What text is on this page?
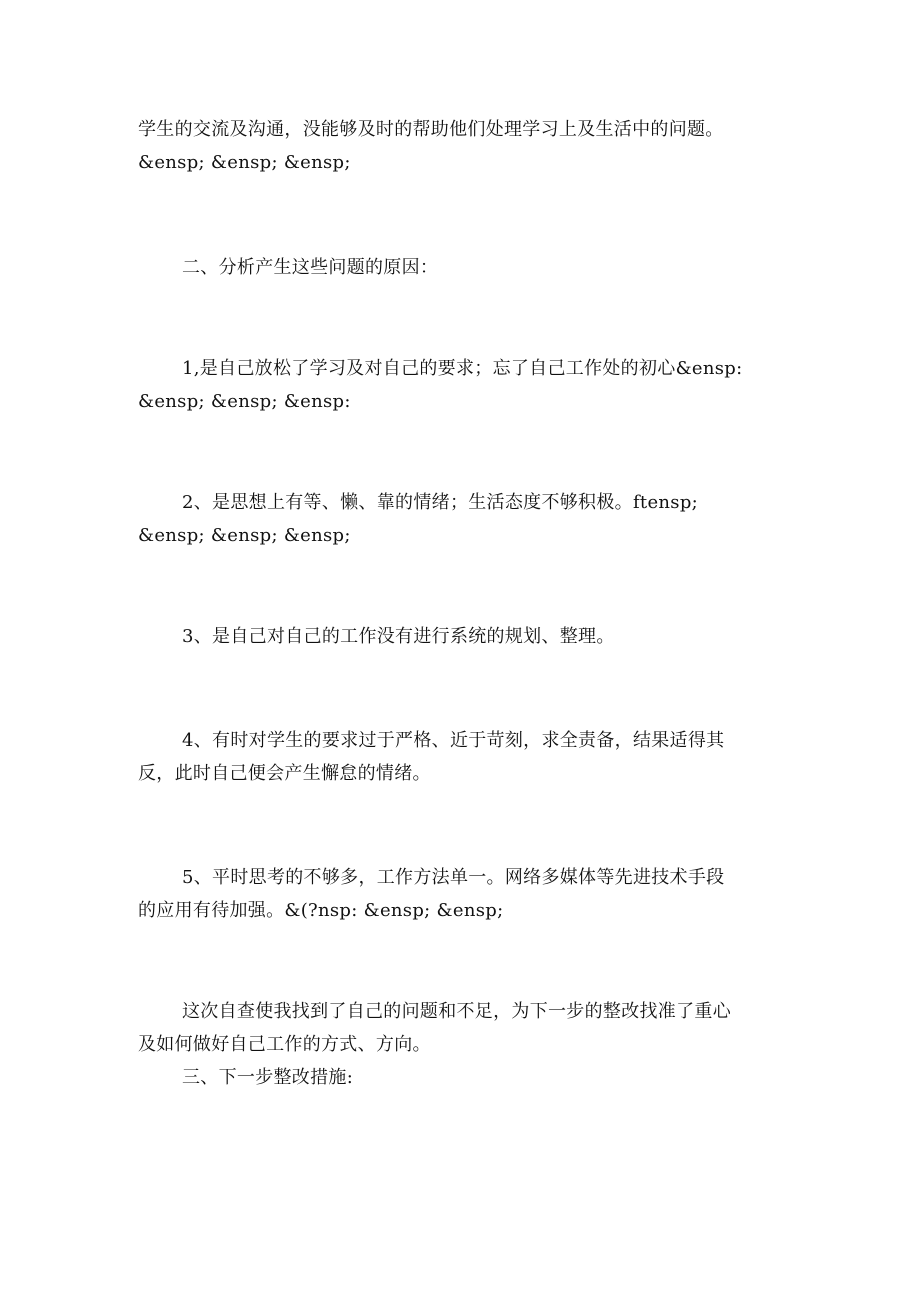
学生的交流及沟通，没能够及时的帮助他们处理学习上及生活中的问题。
&ensp; &ensp; &ensp;

二、分析产生这些问题的原因：

1,是自己放松了学习及对自己的要求；忘了自己工作处的初心&ensp:
&ensp; &ensp; &ensp:

2、是思想上有等、懒、靠的情绪；生活态度不够积极。ftensp;
&ensp; &ensp; &ensp;

3、是自己对自己的工作没有进行系统的规划、整理。

4、有时对学生的要求过于严格、近于苛刻，求全责备，结果适得其
反，此时自己便会产生懈怠的情绪。

5、平时思考的不够多，工作方法单一。网络多媒体等先进技术手段
的应用有待加强。&(?nsp: &ensp; &ensp;

这次自查使我找到了自己的问题和不足，为下一步的整改找准了重心
及如何做好自己工作的方式、方向。

三、下一步整改措施:
